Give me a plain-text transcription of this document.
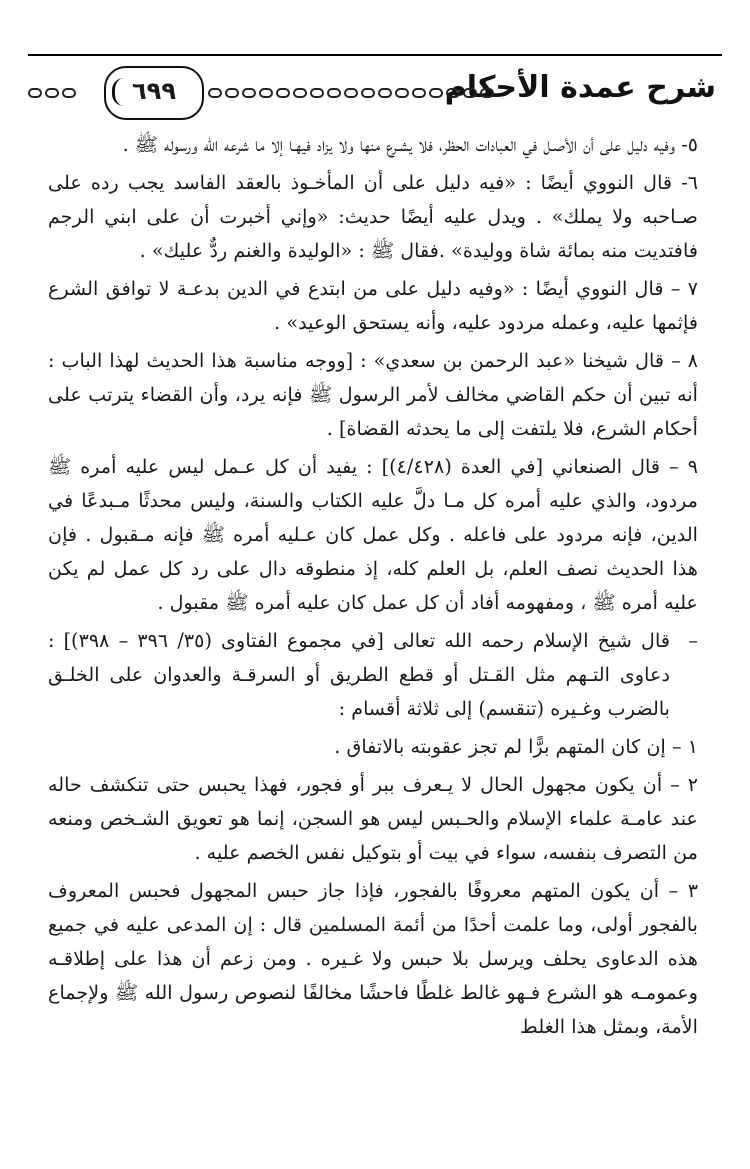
شرح عمدة الأحكام
٦٩٩

٥- وفيه دليل على أن الأصـل في العبادات الحظر، فلا يشـرع منها ولا يزاد فيهـا إلا ما شرعه الله ورسوله ﷺ .

٦- قال النووي أيضًا : «فيه دليل على أن المأخـوذ بالعقد الفاسد يجب رده على صـاحبه ولا يملك» . ويدل عليه أيضًا حديث: «وإني أخبرت أن على ابني الرجم فافتديت منه بمائة شاة ووليدة» .فقال ﷺ : «الوليدة والغنم ردٌّ عليك» .

٧ – قال النووي أيضًا : «وفيه دليل على من ابتدع في الدين بدعـة لا توافق الشرع فإثمها عليه، وعمله مردود عليه، وأنه يستحق الوعيد» .

٨ – قال شيخنا «عبد الرحمن بن سعدي» : [ووجه مناسبة هذا الحديث لهذا الباب : أنه تبين أن حكم القاضي مخالف لأمر الرسول ﷺ فإنه يرد، وأن القضاء يترتب على أحكام الشرع، فلا يلتفت إلى ما يحدثه القضاة] .

٩ – قال الصنعاني [في العدة (٤/٤٢٨)] : يفيد أن كل عـمل ليس عليه أمره ﷺ مردود، والذي عليه أمره كل مـا دلَّ عليه الكتاب والسنة، وليس محدثًا مـبدعًا في الدين، فإنه مردود على فاعله . وكل عمل كان عـليه أمره ﷺ فإنه مـقبول . فإن هذا الحديث نصف العلم، بل العلم كله، إذ منطوقه دال على رد كل عمل لم يكن عليه أمره ﷺ ، ومفهومه أفاد أن كل عمل كان عليه أمره ﷺ مقبول .

–
قال شيخ الإسلام رحمه الله تعالى [في مجموع الفتاوى (٣٥/ ٣٩٦ – ٣٩٨)] : دعاوى التـهم مثل القـتل أو قطع الطريق أو السرقـة والعدوان على الخلـق بالضرب وغـيره (تنقسم) إلى ثلاثة أقسام :

١ – إن كان المتهم برًّا لم تجز عقوبته بالاتفاق .

٢ – أن يكون مجهول الحال لا يـعرف ببر أو فجور، فهذا يحبس حتى تنكشف حاله عند عامـة علماء الإسلام والحـبس ليس هو السجن، إنما هو تعويق الشـخص ومنعه من التصرف بنفسه، سواء في بيت أو بتوكيل نفس الخصم عليه .

٣ – أن يكون المتهم معروفًا بالفجور، فإذا جاز حبس المجهول فحبس المعروف بالفجور أولى، وما علمت أحدًا من أئمة المسلمين قال : إن المدعى عليه في جميع هذه الدعاوى يحلف ويرسل بلا حبس ولا غـيره . ومن زعم أن هذا على إطلاقـه وعمومـه هو الشرع فـهو غالط غلطًا فاحشًا مخالفًا لنصوص رسول الله ﷺ ولإجماع الأمة، وبمثل هذا الغلط
